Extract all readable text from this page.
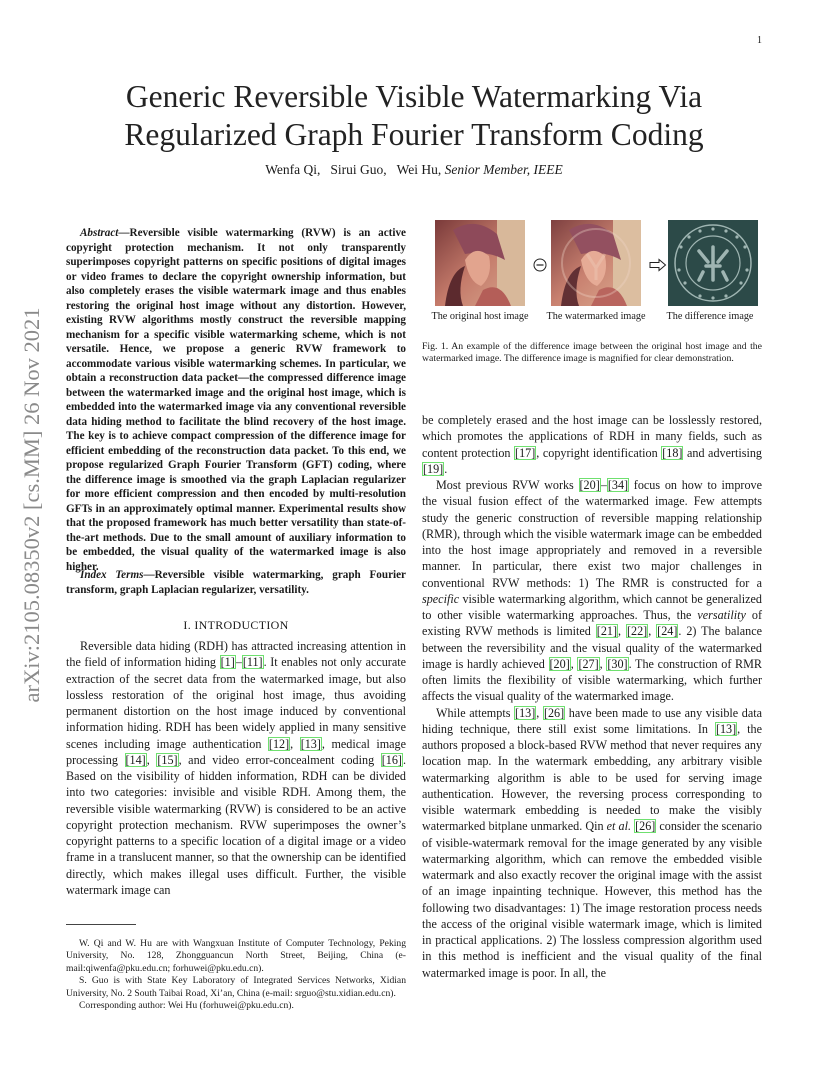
1
arXiv:2105.08350v2 [cs.MM] 26 Nov 2021
Generic Reversible Visible Watermarking Via
Regularized Graph Fourier Transform Coding
Wenfa Qi, Sirui Guo, Wei Hu, Senior Member, IEEE

Abstract—Reversible visible watermarking (RVW) is an active copyright protection mechanism. It not only transparently superimposes copyright patterns on specific positions of digital images or video frames to declare the copyright ownership information, but also completely erases the visible watermark image and thus enables restoring the original host image without any distortion. However, existing RVW algorithms mostly construct the reversible mapping mechanism for a specific visible watermarking scheme, which is not versatile. Hence, we propose a generic RVW framework to accommodate various visible watermarking schemes. In particular, we obtain a reconstruction data packet—the compressed difference image between the watermarked image and the original host image, which is embedded into the watermarked image via any conventional reversible data hiding method to facilitate the blind recovery of the host image. The key is to achieve compact compression of the difference image for efficient embedding of the reconstruction data packet. To this end, we propose regularized Graph Fourier Transform (GFT) coding, where the difference image is smoothed via the graph Laplacian regularizer for more efficient compression and then encoded by multi-resolution GFTs in an approximately optimal manner. Experimental results show that the proposed framework has much better versatility than state-of-the-art methods. Due to the small amount of auxiliary information to be embedded, the visual quality of the watermarked image is also higher.

Index Terms—Reversible visible watermarking, graph Fourier transform, graph Laplacian regularizer, versatility.

I. INTRODUCTION

Reversible data hiding (RDH) has attracted increasing attention in the field of information hiding [1]–[11]. It enables not only accurate extraction of the secret data from the watermarked image, but also lossless restoration of the original host image, thus avoiding permanent distortion on the host image induced by conventional information hiding. RDH has been widely applied in many sensitive scenes including image authentication [12], [13], medical image processing [14], [15], and video error-concealment coding [16]. Based on the visibility of hidden information, RDH can be divided into two categories: invisible and visible RDH. Among them, the reversible visible watermarking (RVW) is considered to be an active copyright protection mechanism. RVW superimposes the owner’s copyright patterns to a specific location of a digital image or a video frame in a translucent manner, so that the ownership can be identified directly, which makes illegal uses difficult. Further, the visible watermark image can

W. Qi and W. Hu are with Wangxuan Institute of Computer Technology, Peking University, No. 128, Zhongguancun North Street, Beijing, China (e-mail:qiwenfa@pku.edu.cn; forhuwei@pku.edu.cn).

S. Guo is with State Key Laboratory of Integrated Services Networks, Xidian University, No. 2 South Taibai Road, Xi’an, China (e-mail: srguo@stu.xidian.edu.cn).

Corresponding author: Wei Hu (forhuwei@pku.edu.cn).

The original host image	The watermarked image	The difference image
Fig. 1. An example of the difference image between the original host image and the watermarked image. The difference image is magnified for clear demonstration.

be completely erased and the host image can be losslessly restored, which promotes the applications of RDH in many fields, such as content protection [17], copyright identification [18] and advertising [19].

Most previous RVW works [20]–[34] focus on how to improve the visual fusion effect of the watermarked image. Few attempts study the generic construction of reversible mapping relationship (RMR), through which the visible watermark image can be embedded into the host image appropriately and removed in a reversible manner. In particular, there exist two major challenges in conventional RVW methods: 1) The RMR is constructed for a specific visible watermarking algorithm, which cannot be generalized to other visible watermarking approaches. Thus, the versatility of existing RVW methods is limited [21], [22], [24]. 2) The balance between the reversibility and the visual quality of the watermarked image is hardly achieved [20], [27], [30]. The construction of RMR often limits the flexibility of visible watermarking, which further affects the visual quality of the watermarked image.

While attempts [13], [26] have been made to use any visible data hiding technique, there still exist some limitations. In [13], the authors proposed a block-based RVW method that never requires any location map. In the watermark embedding, any arbitrary visible watermarking algorithm is able to be used for serving image authentication. However, the reversing process corresponding to visible watermark embedding is needed to make the visibly watermarked bitplane unmarked. Qin et al. [26] consider the scenario of visible-watermark removal for the image generated by any visible watermarking algorithm, which can remove the embedded visible watermark and also exactly recover the original image with the assist of an image inpainting technique. However, this method has the following two disadvantages: 1) The image restoration process needs the access of the original visible watermark image, which is limited in practical applications. 2) The lossless compression algorithm used in this method is inefficient and the visual quality of the final watermarked image is poor. In all, the
